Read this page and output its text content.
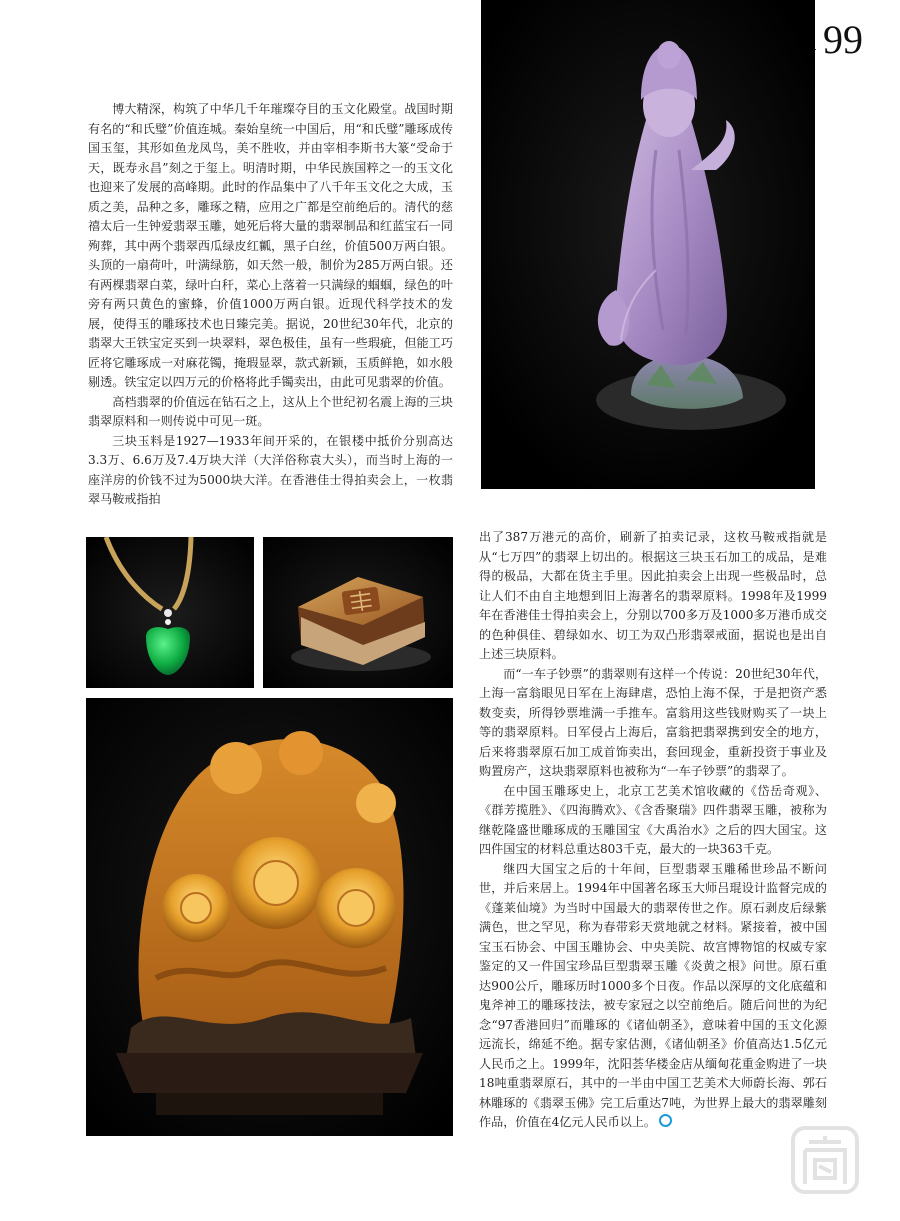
99

博大精深，构筑了中华几千年璀璨夺目的玉文化殿堂。战国时期有名的“和氏璧”价值连城。秦始皇统一中国后，用“和氏璧”雕琢成传国玉玺，其形如鱼龙凤鸟，美不胜收，并由宰相李斯书大篆“受命于天，既寿永昌”刻之于玺上。明清时期，中华民族国粹之一的玉文化也迎来了发展的高峰期。此时的作品集中了八千年玉文化之大成，玉质之美，品种之多，雕琢之精，应用之广都是空前绝后的。清代的慈禧太后一生钟爱翡翠玉雕，她死后将大量的翡翠制品和红蓝宝石一同殉葬，其中两个翡翠西瓜绿皮红瓤，黑子白丝，价值500万两白银。头顶的一扇荷叶，叶满绿筋，如天然一般，制价为285万两白银。还有两棵翡翠白菜，绿叶白秆，菜心上落着一只满绿的蝈蝈，绿色的叶旁有两只黄色的蜜蜂，价值1000万两白银。近现代科学技术的发展，使得玉的雕琢技术也日臻完美。据说，20世纪30年代，北京的翡翠大王铁宝定买到一块翠料，翠色极佳，虽有一些瑕疵，但能工巧匠将它雕琢成一对麻花镯，掩瑕显翠，款式新颖，玉质鲜艳，如水般剔透。铁宝定以四万元的价格将此手镯卖出，由此可见翡翠的价值。

高档翡翠的价值远在钻石之上，这从上个世纪初名震上海的三块翡翠原料和一则传说中可见一斑。

三块玉料是1927—1933年间开采的，在银楼中抵价分别高达3.3万、6.6万及7.4万块大洋（大洋俗称袁大头），而当时上海的一座洋房的价钱不过为5000块大洋。在香港佳士得拍卖会上，一枚翡翠马鞍戒指拍

出了387万港元的高价，刷新了拍卖记录，这枚马鞍戒指就是从“七万四”的翡翠上切出的。根据这三块玉石加工的成品，是难得的极品，大都在货主手里。因此拍卖会上出现一些极品时，总让人们不由自主地想到旧上海著名的翡翠原料。1998年及1999年在香港佳士得拍卖会上，分别以700多万及1000多万港币成交的色种俱佳、碧绿如水、切工为双凸形翡翠戒面，据说也是出自上述三块原料。

而“一车子钞票”的翡翠则有这样一个传说：20世纪30年代，上海一富翁眼见日军在上海肆虐，恐怕上海不保，于是把资产悉数变卖，所得钞票堆满一手推车。富翁用这些钱财购买了一块上等的翡翠原料。日军侵占上海后，富翁把翡翠携到安全的地方，后来将翡翠原石加工成首饰卖出，套回现金，重新投资于事业及购置房产，这块翡翠原料也被称为“一车子钞票”的翡翠了。

在中国玉雕琢史上，北京工艺美术馆收藏的《岱岳奇观》、《群芳揽胜》、《四海腾欢》、《含香聚瑞》四件翡翠玉雕，被称为继乾隆盛世雕琢成的玉雕国宝《大禹治水》之后的四大国宝。这四件国宝的材料总重达803千克，最大的一块363千克。

继四大国宝之后的十年间，巨型翡翠玉雕稀世珍品不断问世，并后来居上。1994年中国著名琢玉大师吕琨设计监督完成的《蓬莱仙境》为当时中国最大的翡翠传世之作。原石剥皮后绿紫满色，世之罕见，称为春带彩天赏地就之材料。紧接着，被中国宝玉石协会、中国玉雕协会、中央美院、故宫博物馆的权威专家鉴定的又一件国宝珍品巨型翡翠玉雕《炎黄之根》问世。原石重达900公斤，雕琢历时1000多个日夜。作品以深厚的文化底蕴和鬼斧神工的雕琢技法，被专家冠之以空前绝后。随后问世的为纪念“97香港回归”而雕琢的《诸仙朝圣》，意味着中国的玉文化源远流长，绵延不绝。据专家估测，《诸仙朝圣》价值高达1.5亿元人民币之上。1999年，沈阳荟华楼金店从缅甸花重金购进了一块18吨重翡翠原石，其中的一半由中国工艺美术大师蔚长海、郭石林雕琢的《翡翠玉佛》完工后重达7吨，为世界上最大的翡翠雕刻作品，价值在4亿元人民币以上。
